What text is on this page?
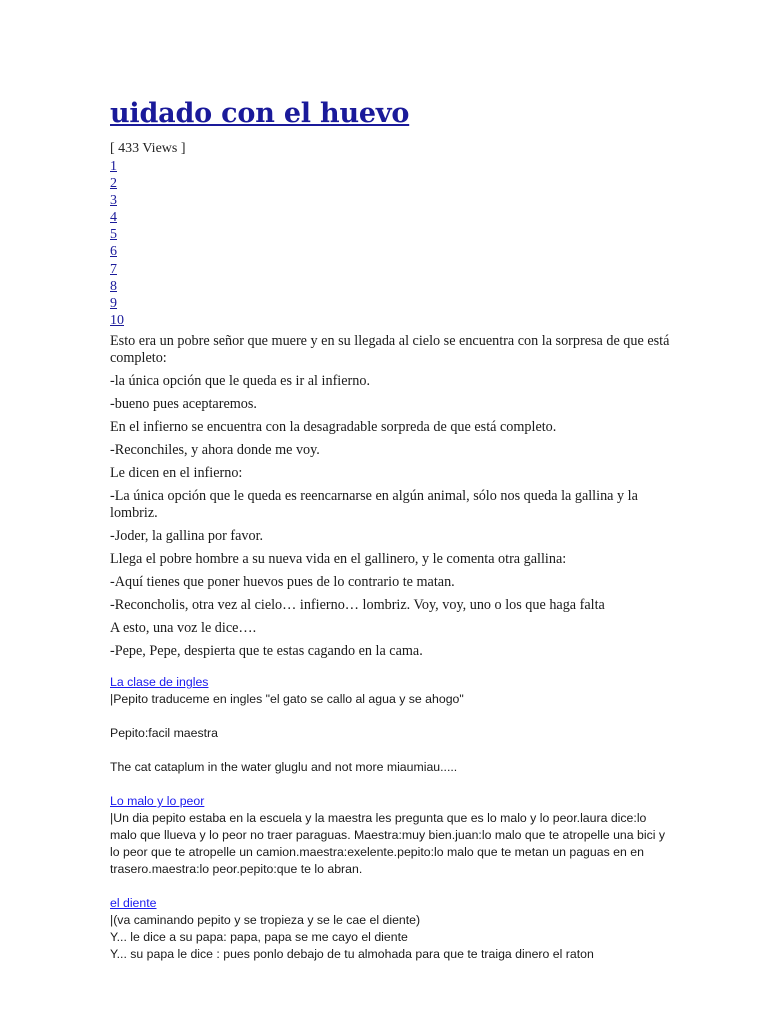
uidado con el huevo
[ 433 Views ]
1
2
3
4
5
6
7
8
9
10

Esto era un pobre señor que muere y en su llegada al cielo se encuentra con la sorpresa de que está completo:

-la única opción que le queda es ir al infierno.

-bueno pues aceptaremos.

En el infierno se encuentra con la desagradable sorpreda de que está completo.

-Reconchiles, y ahora donde me voy.

Le dicen en el infierno:

-La única opción que le queda es reencarnarse en algún animal, sólo nos queda la gallina y la lombriz.

-Joder, la gallina por favor.

Llega el pobre hombre a su nueva vida en el gallinero, y le comenta otra gallina:

-Aquí tienes que poner huevos pues de lo contrario te matan.

-Reconcholis, otra vez al cielo… infierno… lombriz. Voy, voy, uno o los que haga falta

A esto, una voz le dice….

-Pepe, Pepe, despierta que te estas cagando en la cama.

La clase de ingles
|Pepito traduceme en ingles "el gato se callo al agua y se ahogo"
Pepito:facil maestra
The cat cataplum in the water gluglu and not more miaumiau.....
Lo malo y lo peor
|Un dia pepito estaba en la escuela y la maestra les pregunta que es lo malo y lo peor.laura dice:lo malo que llueva y lo peor no traer paraguas. Maestra:muy bien.juan:lo malo que te atropelle una bici y lo peor que te atropelle un camion.maestra:exelente.pepito:lo malo que te metan un paguas en en trasero.maestra:lo peor.pepito:que te lo abran.
el diente
|(va caminando pepito y se tropieza y se le cae el diente)
Y... le dice a su papa: papa, papa se me cayo el diente
Y... su papa le dice : pues ponlo debajo de tu almohada para que te traiga dinero el raton
